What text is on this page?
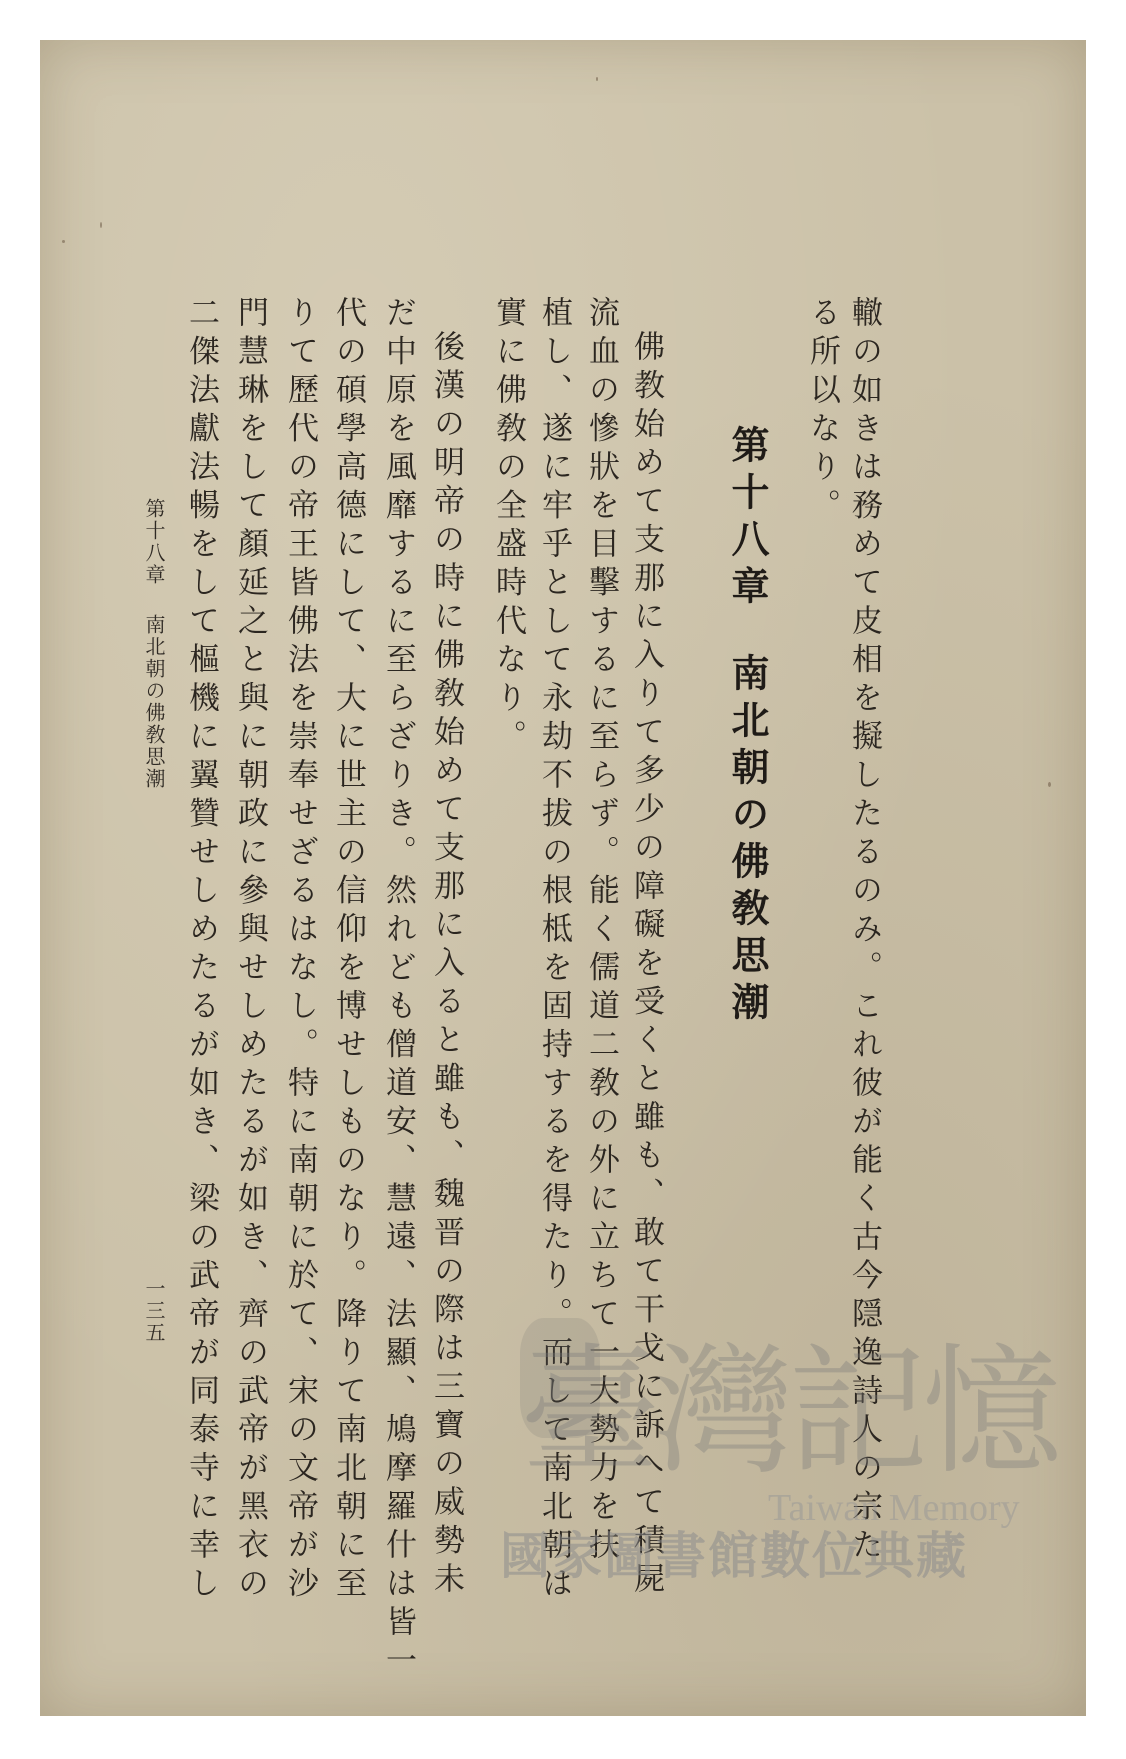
轍の如きは務めて皮相を擬したるのみ。これ彼が能く古今隠逸詩人の宗た
る所以なり。
第十八章南北朝の佛敎思潮
佛教始めて支那に入りて多少の障礙を受くと雖も、敢て干戈に訴へて積屍
流血の慘狀を目擊するに至らず。能く儒道二敎の外に立ちて一大勢力を扶
植し、遂に牢乎として永劫不拔の根柢を固持するを得たり。而して南北朝は
實に佛敎の全盛時代なり。
後漢の明帝の時に佛敎始めて支那に入ると雖も、魏晋の際は三寶の威勢未
だ中原を風靡するに至らざりき。然れども僧道安、慧遠、法顯、鳩摩羅什は皆一
代の碩學高德にして、大に世主の信仰を博せしものなり。降りて南北朝に至
りて歷代の帝王皆佛法を崇奉せざるはなし。特に南朝に於て、宋の文帝が沙
門慧琳をして顏延之と與に朝政に參與せしめたるが如き、齊の武帝が黑衣の
二傑法獻法暢をして樞機に翼贊せしめたるが如き、梁の武帝が同泰寺に幸し
第十八章南北朝の佛敎思潮
一三五
臺灣記憶
Taiwan Memory
國家圖書館數位典藏
